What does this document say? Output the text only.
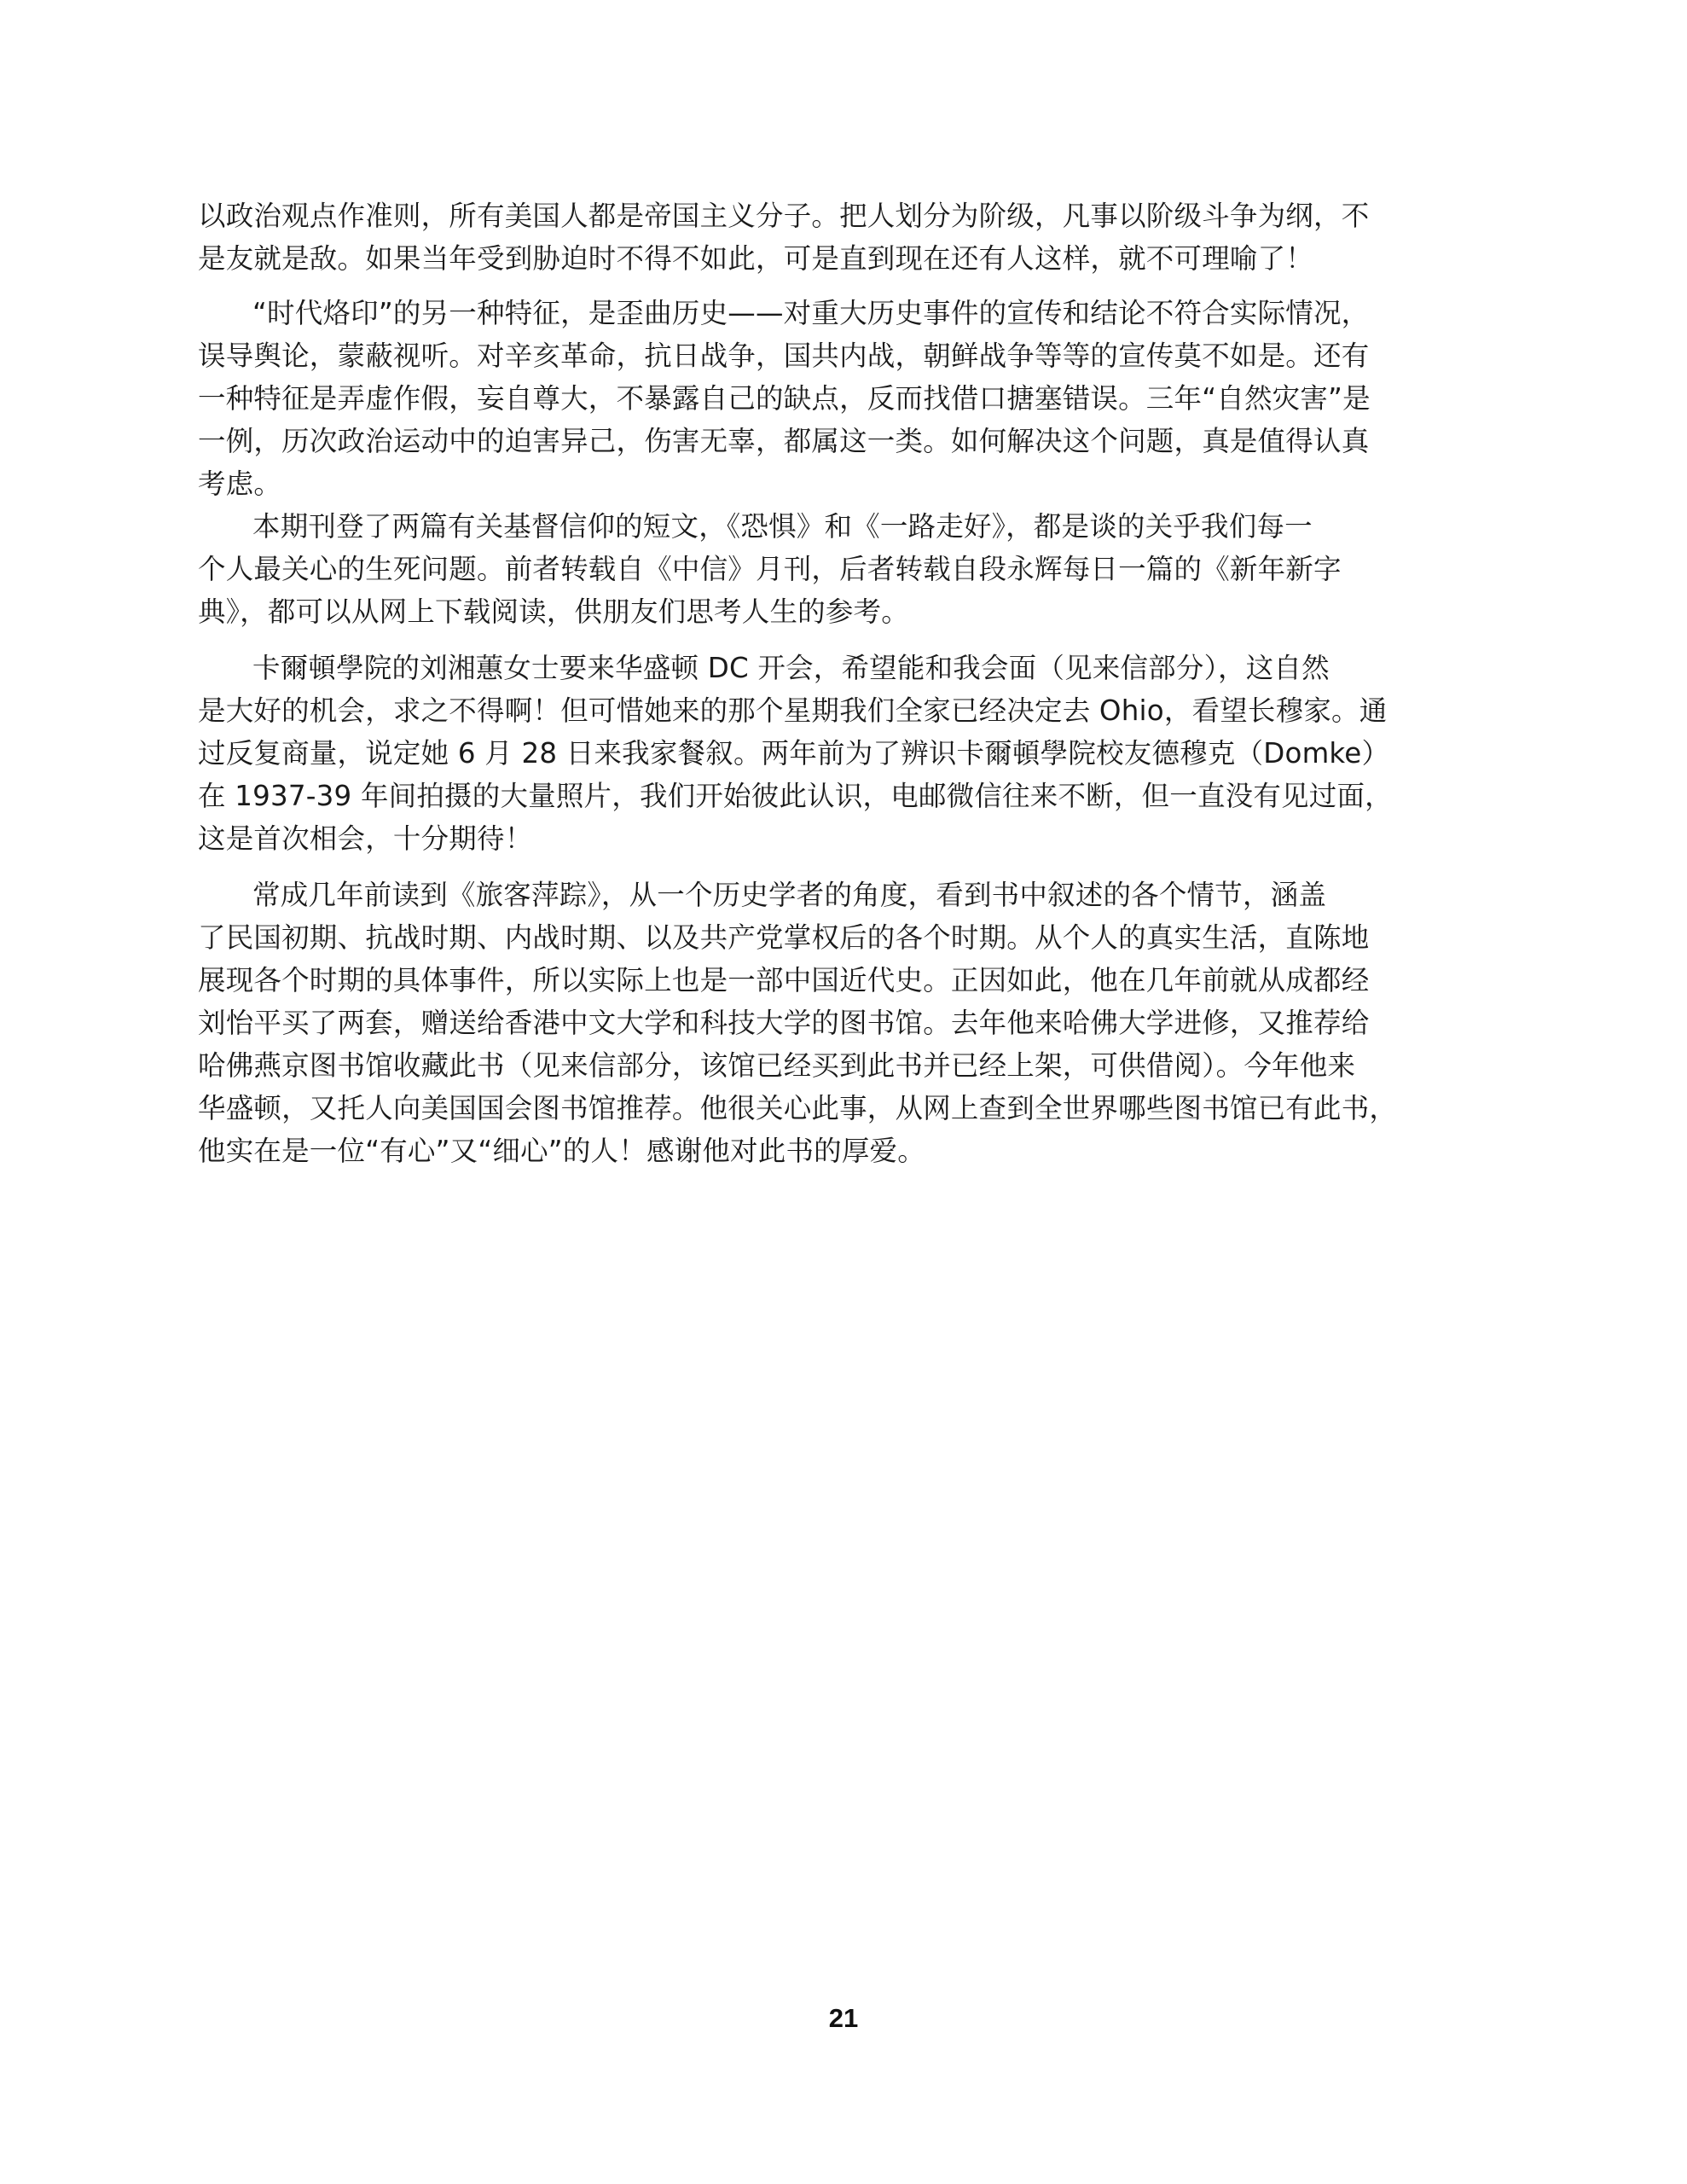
以政治观点作准则，所有美国人都是帝国主义分子。把人划分为阶级，凡事以阶级斗争为纲，不
是友就是敌。如果当年受到胁迫时不得不如此，可是直到现在还有人这样，就不可理喻了！

“时代烙印”的另一种特征，是歪曲历史——对重大历史事件的宣传和结论不符合实际情况，
误导舆论，蒙蔽视听。对辛亥革命，抗日战争，国共内战，朝鲜战争等等的宣传莫不如是。还有
一种特征是弄虚作假，妄自尊大，不暴露自己的缺点，反而找借口搪塞错误。三年“自然灾害”是
一例，历次政治运动中的迫害异己，伤害无辜，都属这一类。如何解决这个问题，真是值得认真
考虑。

本期刊登了两篇有关基督信仰的短文，《恐惧》和《一路走好》，都是谈的关乎我们每一
个人最关心的生死问题。前者转载自《中信》月刊，后者转载自段永辉每日一篇的《新年新字
典》，都可以从网上下载阅读，供朋友们思考人生的参考。

卡爾頓學院的刘湘蕙女士要来华盛顿 DC 开会，希望能和我会面（见来信部分），这自然
是大好的机会，求之不得啊！但可惜她来的那个星期我们全家已经决定去 Ohio，看望长穆家。通
过反复商量，说定她 6 月 28 日来我家餐叙。两年前为了辨识卡爾頓學院校友德穆克（Domke）
在 1937-39 年间拍摄的大量照片，我们开始彼此认识，电邮微信往来不断，但一直没有见过面，
这是首次相会，十分期待！

常成几年前读到《旅客萍踪》，从一个历史学者的角度，看到书中叙述的各个情节，涵盖
了民国初期、抗战时期、内战时期、以及共产党掌权后的各个时期。从个人的真实生活，直陈地
展现各个时期的具体事件，所以实际上也是一部中国近代史。正因如此，他在几年前就从成都经
刘怡平买了两套，赠送给香港中文大学和科技大学的图书馆。去年他来哈佛大学进修，又推荐给
哈佛燕京图书馆收藏此书（见来信部分，该馆已经买到此书并已经上架，可供借阅）。今年他来
华盛顿，又托人向美国国会图书馆推荐。他很关心此事，从网上查到全世界哪些图书馆已有此书，
他实在是一位“有心”又“细心”的人！感谢他对此书的厚爱。

21
